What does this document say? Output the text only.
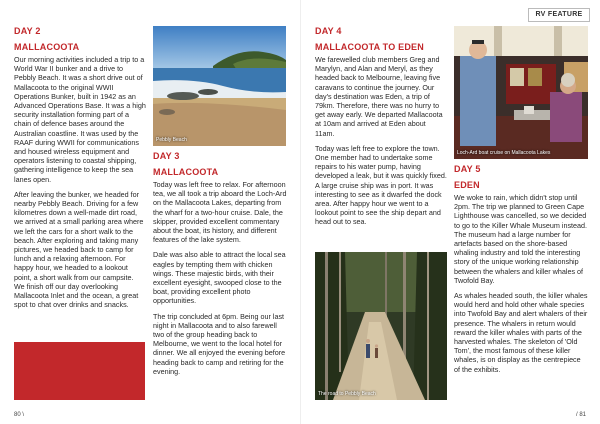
DAY 2
MALLACOOTA

Our morning activities included a trip to a World War II bunker and a drive to Pebbly Beach. It was a short drive out of Mallacoota to the original WWII Operations Bunker, built in 1942 as an Advanced Operations Base. It was a high security installation forming part of a chain of defence bases around the Australian coastline. It was used by the RAAF during WWII for communications and housed wireless equipment and operators listening to coastal shipping, gathering intelligence to keep the sea lanes open.

After leaving the bunker, we headed for nearby Pebbly Beach. Driving for a few kilometres down a well-made dirt road, we arrived at a small parking area where we left the cars for a short walk to the beach. After exploring and taking many pictures, we headed back to camp for lunch and a relaxing afternoon. For happy hour, we headed to a lookout point, a short walk from our campsite. We finish off our day overlooking Mallacoota Inlet and the ocean, a great spot to chat over drinks and snacks.

Pebbly Beach
DAY 3
MALLACOOTA

Today was left free to relax. For afternoon tea, we all took a trip aboard the Loch-Ard on the Mallacoota Lakes, departing from the wharf for a two-hour cruise. Dale, the skipper, provided excellent commentary about the boat, its history, and different features of the lake system.

Dale was also able to attract the local sea eagles by tempting them with chicken wings. These majestic birds, with their excellent eyesight, swooped close to the boat, providing excellent photo opportunities.

The trip concluded at 6pm. Being our last night in Mallacoota and to also farewell two of the group heading back to Melbourne, we went to the local hotel for dinner. We all enjoyed the evening before heading back to camp and retiring for the evening.

80 \
DAY 4
MALLACOOTA TO EDEN

We farewelled club members Greg and Marylyn, and Alan and Meryl, as they headed back to Melbourne, leaving five caravans to continue the journey. Our day's destination was Eden, a trip of 79km. Therefore, there was no hurry to get away early. We departed Mallacoota at 10am and arrived at Eden about 11am.

Today was left free to explore the town. One member had to undertake some repairs to his water pump, having developed a leak, but it was quickly fixed. A large cruise ship was in port. It was interesting to see as it dwarfed the dock area. After happy hour we went to a lookout point to see the ship depart and head out to sea.

The road to Pebbly Beach
Loch-Ard boat cruise on Mallacoota Lakes
DAY 5
EDEN

We woke to rain, which didn't stop until 2pm. The trip we planned to Green Cape Lighthouse was cancelled, so we decided to go to the Killer Whale Museum instead. The museum had a large number for artefacts based on the shore-based whaling industry and told the interesting story of the unique working relationship between the whalers and killer whales of Twofold Bay.

As whales headed south, the killer whales would herd and hold other whale species into Twofold Bay and alert whalers of their presence. The whalers in return would reward the killer whales with parts of the harvested whales. The skeleton of 'Old Tom', the most famous of these killer whales, is on display as the centrepiece of the exhibits.

/ 81
RV FEATURE
